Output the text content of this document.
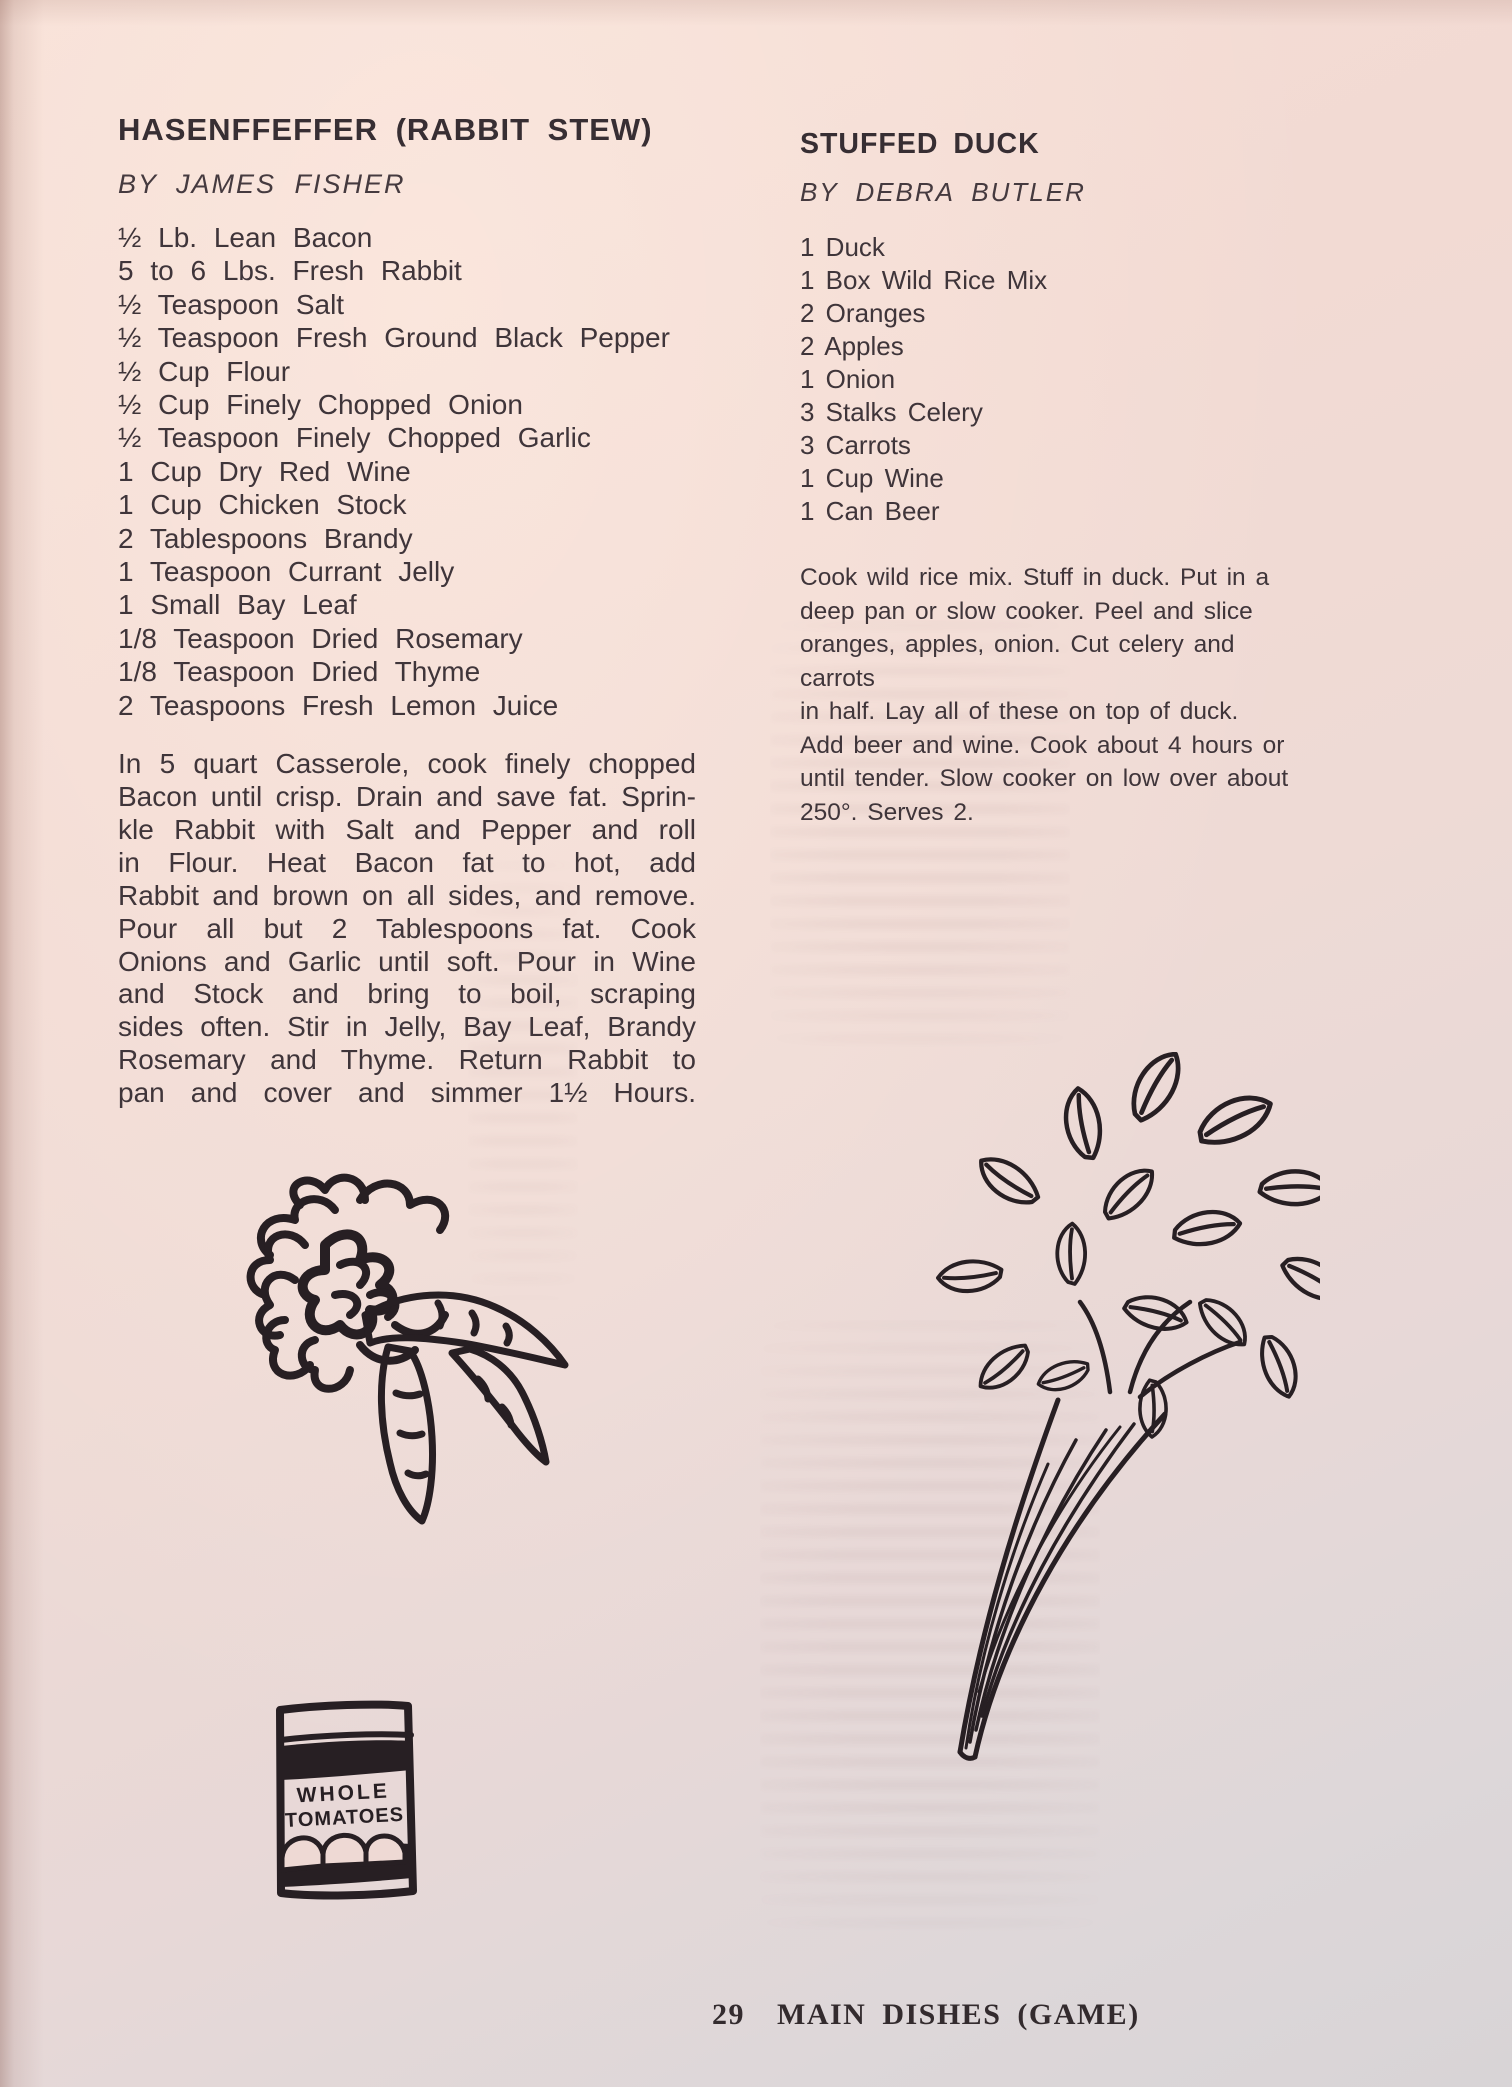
HASENFFEFFER (RABBIT STEW)
BY JAMES FISHER
½ Lb. Lean Bacon
5 to 6 Lbs. Fresh Rabbit
½ Teaspoon Salt
½ Teaspoon Fresh Ground Black Pepper
½ Cup Flour
½ Cup Finely Chopped Onion
½ Teaspoon Finely Chopped Garlic
1 Cup Dry Red Wine
1 Cup Chicken Stock
2 Tablespoons Brandy
1 Teaspoon Currant Jelly
1 Small Bay Leaf
1/8 Teaspoon Dried Rosemary
1/8 Teaspoon Dried Thyme
2 Teaspoons Fresh Lemon Juice
In 5 quart Casserole, cook finely chopped
Bacon until crisp. Drain and save fat. Sprin-
kle Rabbit with Salt and Pepper and roll
in Flour. Heat Bacon fat to hot, add
Rabbit and brown on all sides, and remove.
Pour all but 2 Tablespoons fat. Cook
Onions and Garlic until soft. Pour in Wine
and Stock and bring to boil, scraping
sides often. Stir in Jelly, Bay Leaf, Brandy
Rosemary and Thyme. Return Rabbit to
pan and cover and simmer 1½ Hours.
STUFFED DUCK
BY DEBRA BUTLER
1 Duck
1 Box Wild Rice Mix
2 Oranges
2 Apples
1 Onion
3 Stalks Celery
3 Carrots
1 Cup Wine
1 Can Beer
Cook wild rice mix. Stuff in duck. Put in a
deep pan or slow cooker. Peel and slice
oranges, apples, onion. Cut celery and carrots
in half. Lay all of these on top of duck.
Add beer and wine. Cook about 4 hours or
until tender. Slow cooker on low over about
250°. Serves 2.
WHOLE
TOMATOES
29 MAIN DISHES (GAME)
